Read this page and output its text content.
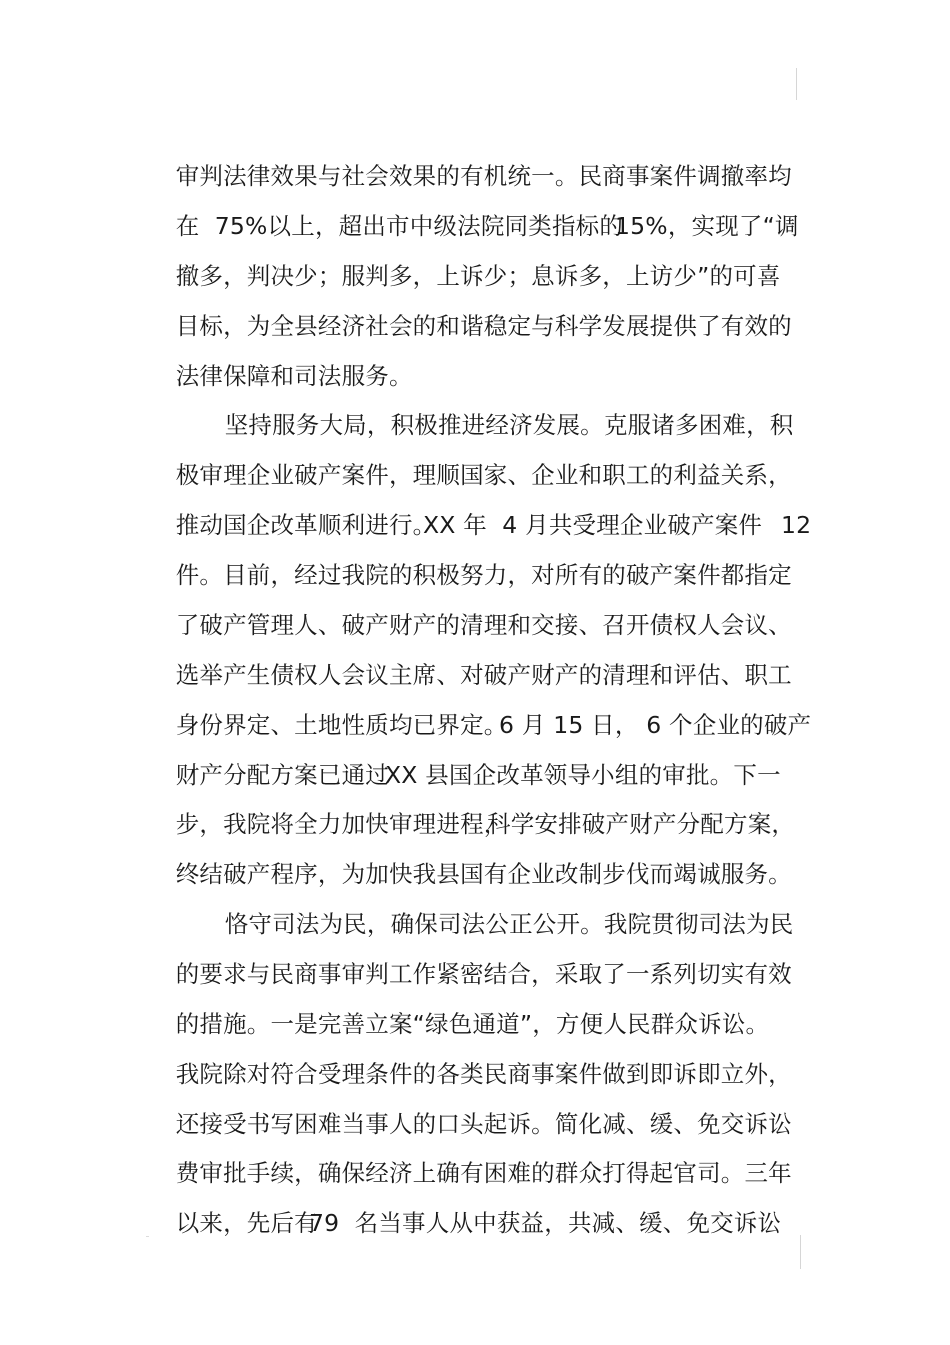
审判法律效果与社会效果的有机统一。民商事案件调撤率均

在  75%以上，超出市中级法院同类指标的
15%，实现了“调

撤多，判决少；服判多，上诉少；息诉多，上访少”的可喜

目标，为全县经济社会的和谐稳定与科学发展提供了有效的

法律保障和司法服务。

坚持服务大局，积极推进经济发展。克服诸多困难，积

极审理企业破产案件，理顺国家、企业和职工的利益关系，

推动国企改革顺利进行。
XX 年  4 月共受理企业破产案件 12

件。目前，经过我院的积极努力，对所有的破产案件都指定

了破产管理人、破产财产的清理和交接、召开债权人会议、

选举产生债权人会议主席、对破产财产的清理和评估、职工

身份界定、土地性质均已界定。
6 月 15 日， 6 个企业的破产

财产分配方案已通过
XX 县国企改革领导小组的审批。下一

步，我院将全力加快审理进程，
科学安排破产财产分配方案，

终结破产程序，为加快我县国有企业改制步伐而竭诚服务。

恪守司法为民，确保司法公正公开。我院贯彻司法为民

的要求与民商事审判工作紧密结合，采取了一系列切实有效

的措施。一是完善立案“绿色通道”，方便人民群众诉讼。

我院除对符合受理条件的各类民商事案件做到即诉即立外，

还接受书写困难当事人的口头起诉。简化减、缓、免交诉讼

费审批手续，确保经济上确有困难的群众打得起官司。三年

以来，先后有
79  名当事人从中获益，共减、缓、免交诉讼
